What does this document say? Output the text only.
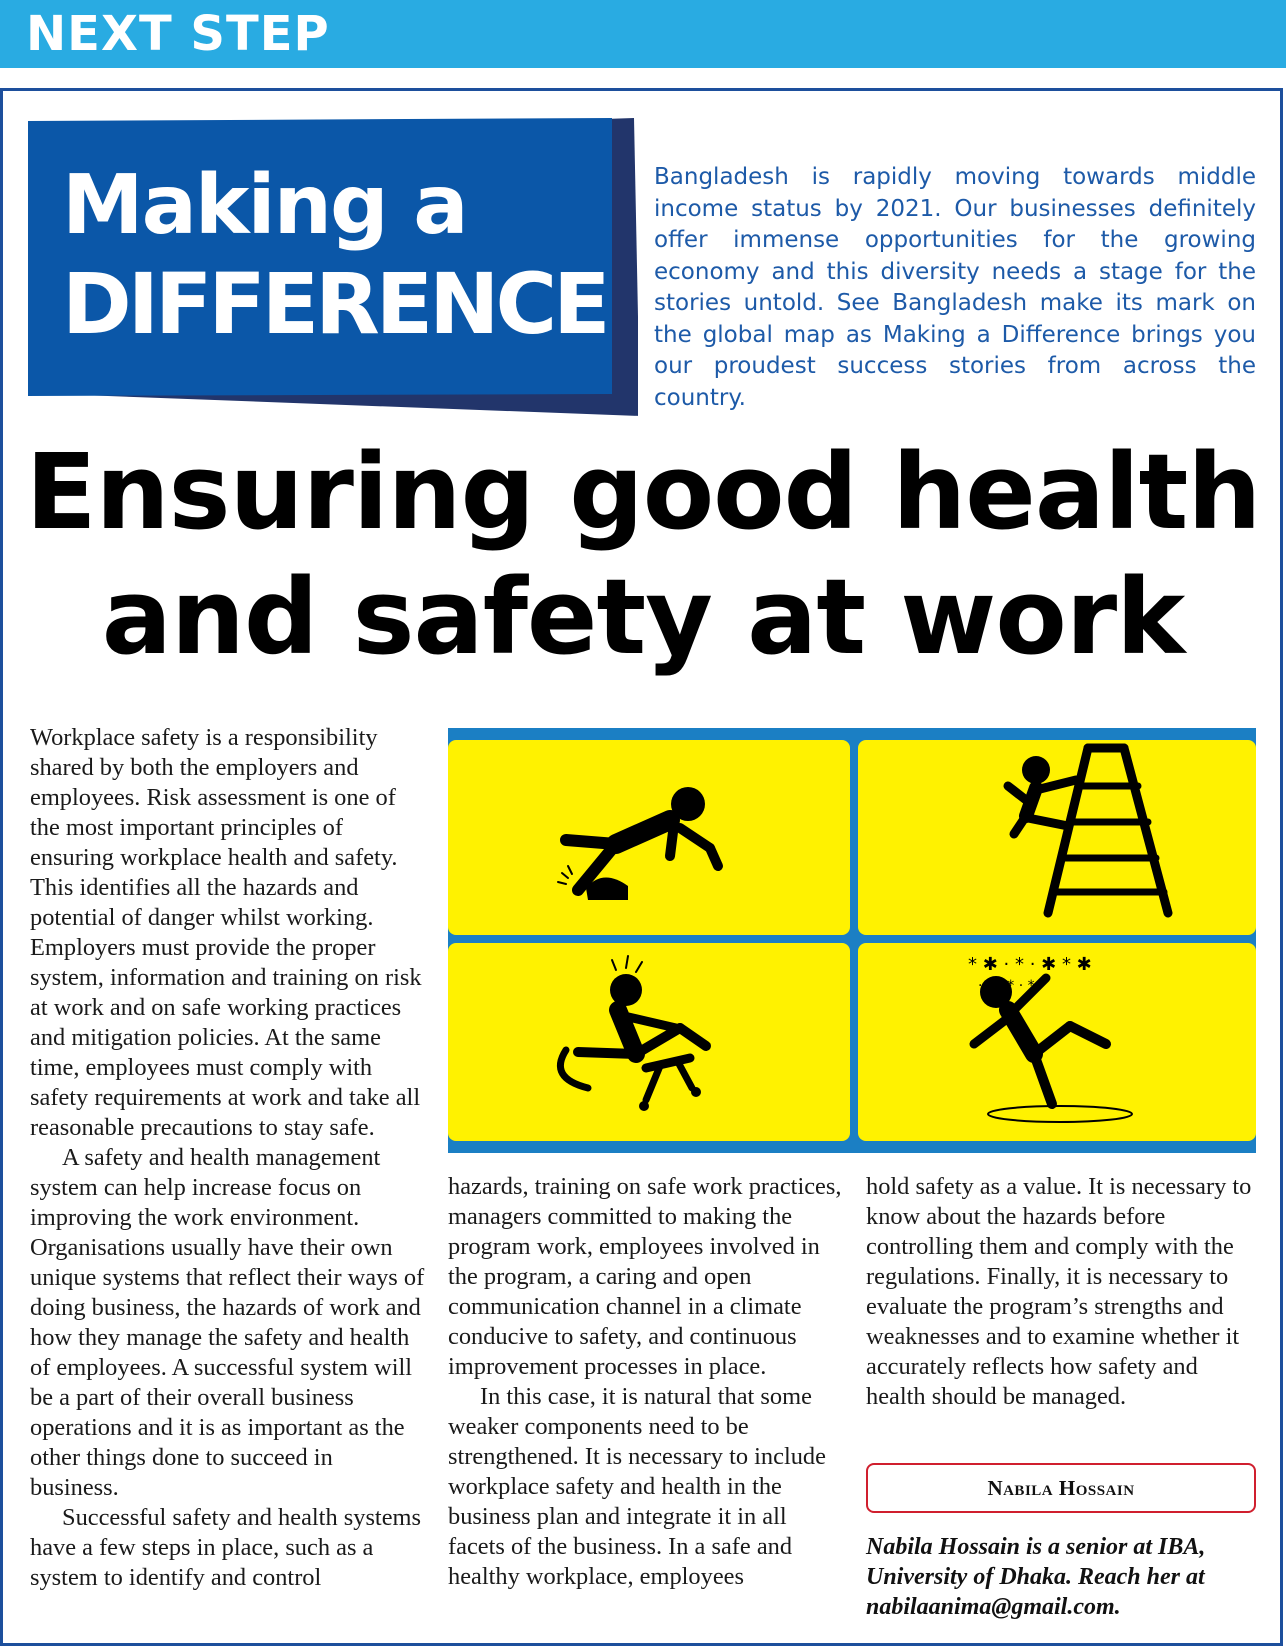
NEXT STEP
Making a
DIFFERENCE
Bangladesh is rapidly moving towards middle income status by 2021. Our businesses definitely offer immense opportunities for the growing economy and this diversity needs a stage for the stories untold. See Bangladesh make its mark on the global map as Making a Difference brings you our proudest success stories from across the country.
Ensuring good health
and safety at work

Workplace safety is a responsibility shared by both the employers and employees. Risk assessment is one of the most important principles of ensuring workplace health and safety. This identifies all the hazards and potential of danger whilst working. Employers must provide the proper system, information and training on risk at work and on safe working practices and mitigation policies. At the same time, employees must comply with safety requirements at work and take all reasonable precautions to stay safe.

A safety and health management system can help increase focus on improving the work environment. Organisations usually have their own unique systems that reflect their ways of doing business, the hazards of work and how they manage the safety and health of employees. A successful system will be a part of their overall business operations and it is as important as the other things done to succeed in business.

Successful safety and health systems have a few steps in place, such as a system to identify and control

* ✱ · * · ✱ * ✱
· * · * · * *

hazards, training on safe work practices, managers committed to making the program work, employees involved in the program, a caring and open communication channel in a climate conducive to safety, and continuous improvement processes in place.

In this case, it is natural that some weaker components need to be strengthened. It is necessary to include workplace safety and health in the business plan and integrate it in all facets of the business. In a safe and healthy workplace, employees

hold safety as a value. It is necessary to know about the hazards before controlling them and comply with the regulations. Finally, it is necessary to evaluate the program’s strengths and weaknesses and to examine whether it accurately reflects how safety and health should be managed.

Nabila Hossain
Nabila Hossain is a senior at IBA, University of Dhaka. Reach her at nabilaanima@gmail.com.
